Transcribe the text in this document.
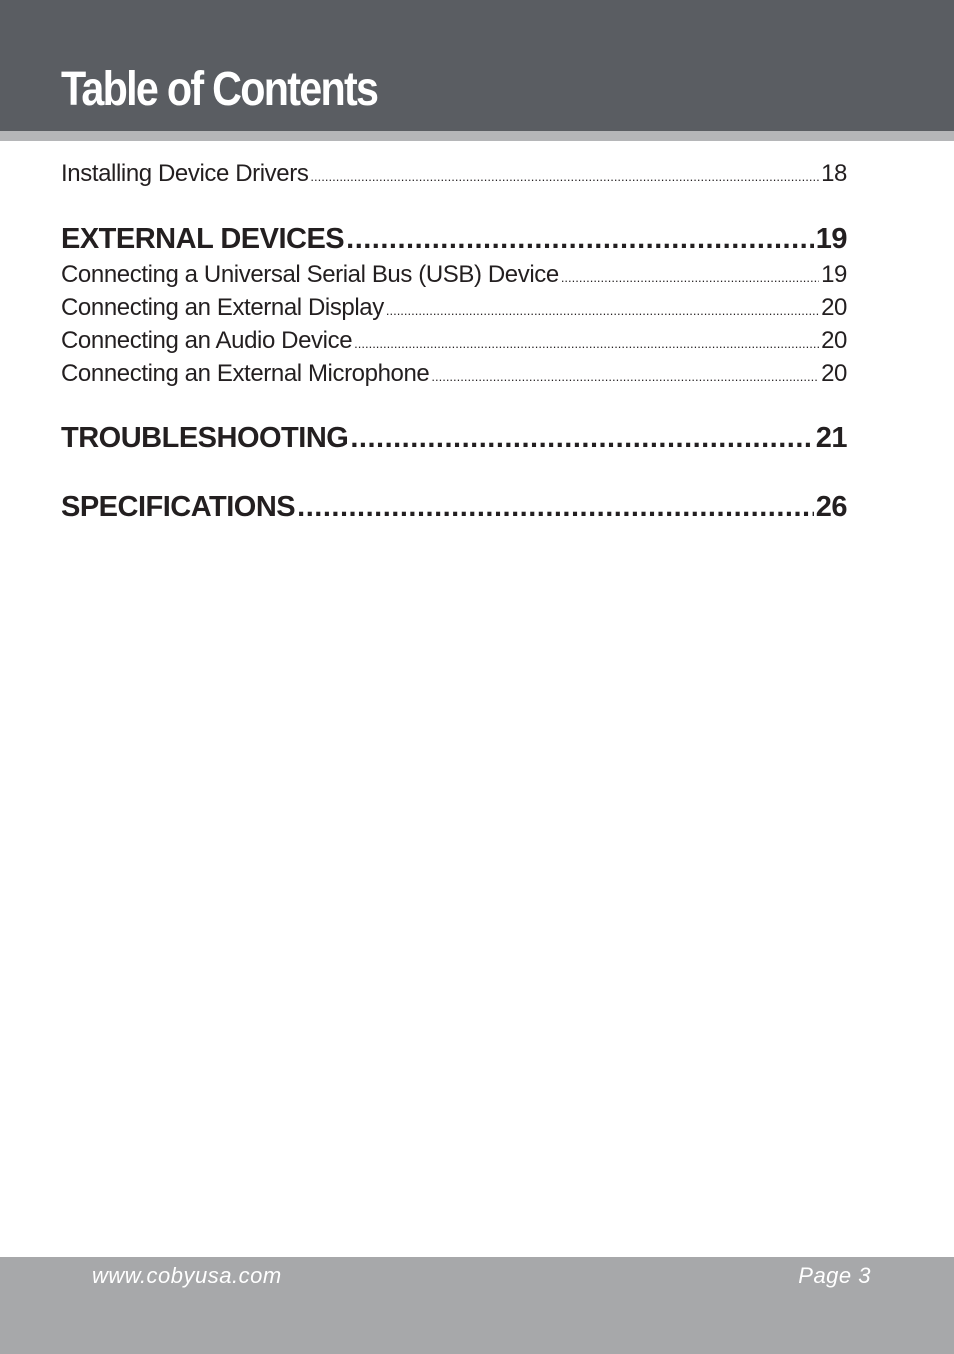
Table of Contents
Installing Device Drivers .....	18
EXTERNAL DEVICES .....	19
Connecting a Universal Serial Bus (USB) Device .....	19
Connecting an External Display .....	20
Connecting an Audio Device .....	20
Connecting an External Microphone .....	20
TROUBLESHOOTING .....	21
SPECIFICATIONS .....	26
www.cobyusa.com	Page 3
